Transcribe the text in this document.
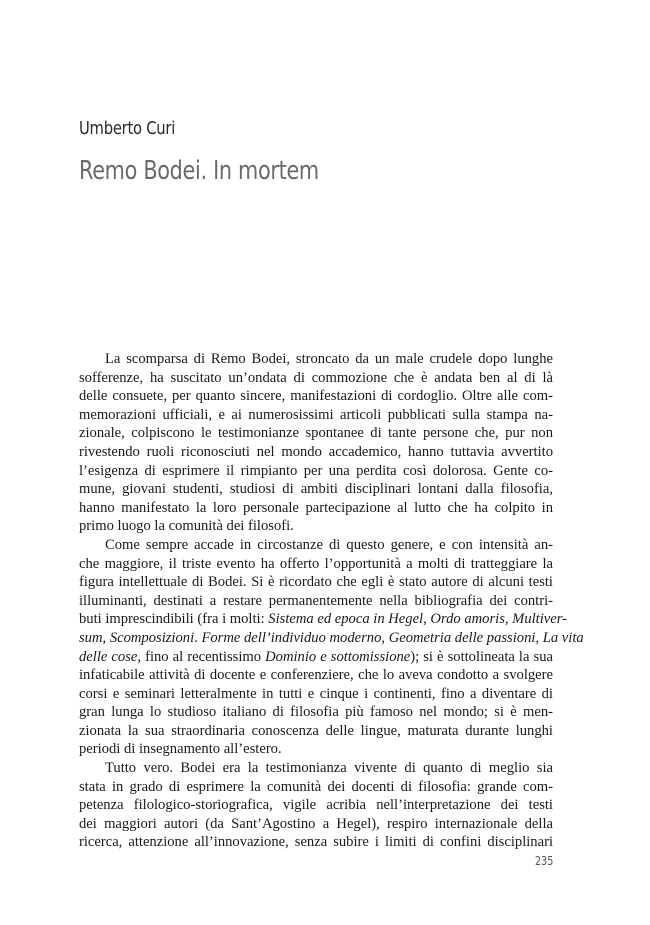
Umberto Curi
Remo Bodei. In mortem
La scomparsa di Remo Bodei, stroncato da un male crudele dopo lunghe
sofferenze, ha suscitato un’ondata di commozione che è andata ben al di là
delle consuete, per quanto sincere, manifestazioni di cordoglio. Oltre alle com-
memorazioni ufficiali, e ai numerosissimi articoli pubblicati sulla stampa na-
zionale, colpiscono le testimonianze spontanee di tante persone che, pur non
rivestendo ruoli riconosciuti nel mondo accademico, hanno tuttavia avvertito
l’esigenza di esprimere il rimpianto per una perdita così dolorosa. Gente co-
mune, giovani studenti, studiosi di ambiti disciplinari lontani dalla filosofia,
hanno manifestato la loro personale partecipazione al lutto che ha colpito in
primo luogo la comunità dei filosofi.
Come sempre accade in circostanze di questo genere, e con intensità an-
che maggiore, il triste evento ha offerto l’opportunità a molti di tratteggiare la
figura intellettuale di Bodei. Si è ricordato che egli è stato autore di alcuni testi
illuminanti, destinati a restare permanentemente nella bibliografia dei contri-
buti imprescindibili (fra i molti: Sistema ed epoca in Hegel, Ordo amoris, Multiver-
sum, Scomposizioni. Forme dell’individuo moderno, Geometria delle passioni, La vita
delle cose, fino al recentissimo Dominio e sottomissione); si è sottolineata la sua
infaticabile attività di docente e conferenziere, che lo aveva condotto a svolgere
corsi e seminari letteralmente in tutti e cinque i continenti, fino a diventare di
gran lunga lo studioso italiano di filosofia più famoso nel mondo; si è men-
zionata la sua straordinaria conoscenza delle lingue, maturata durante lunghi
periodi di insegnamento all’estero.
Tutto vero. Bodei era la testimonianza vivente di quanto di meglio sia
stata in grado di esprimere la comunità dei docenti di filosofia: grande com-
petenza filologico-storiografica, vigile acribia nell’interpretazione dei testi
dei maggiori autori (da Sant’Agostino a Hegel), respiro internazionale della
ricerca, attenzione all’innovazione, senza subire i limiti di confini disciplinari
235
